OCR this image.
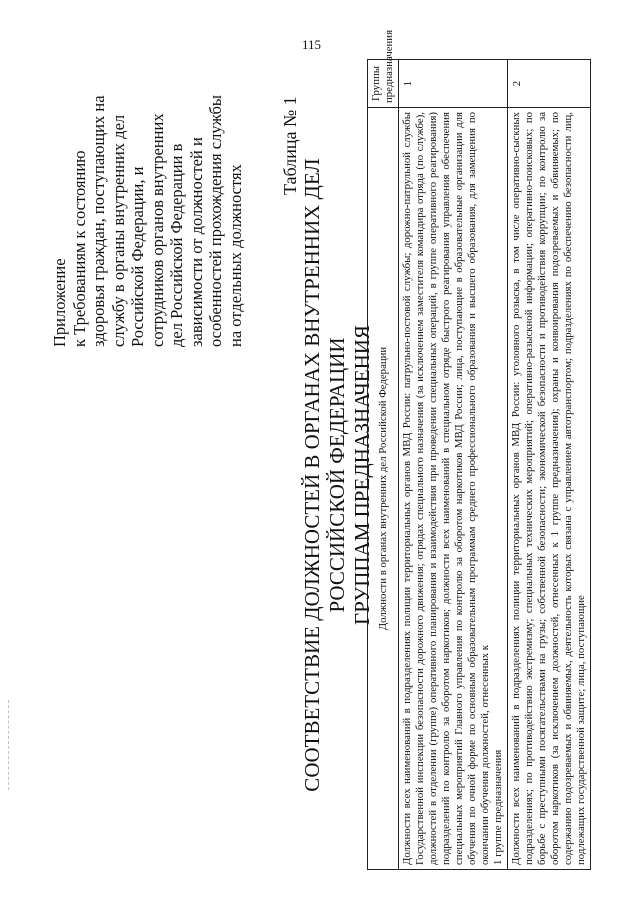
115
Приложение к Требованиям к состоянию здоровья граждан, поступающих на службу в органы внутренних дел Российской Федерации, и сотрудников органов внутренних дел Российской Федерации в зависимости от должностей и особенностей прохождения службы на отдельных должностях
Таблица № 1
СООТВЕТСТВИЕ ДОЛЖНОСТЕЙ В ОРГАНАХ ВНУТРЕННИХ ДЕЛ РОССИЙСКОЙ ФЕДЕРАЦИИ ГРУППАМ ПРЕДНАЗНАЧЕНИЯ Должности в органах внутренних дел Российской Федерации	Группы предназначения
Должности всех наименований в подразделениях полиции территориальных органов МВД России: патрульно-постовой службы; дорожно-патрульной службы Государственной инспекции безопасности дорожного движения; отрядах специального назначения (за исключением заместителя командира отряда (по службе), должностей в отделении (группе) оперативного планирования и взаимодействия при проведении специальных операций, в группе оперативного реагирования) подразделений по контролю за оборотом наркотиков; должности всех наименований в специальном отряде быстрого реагирования управления обеспечения специальных мероприятий Главного управления по контролю за оборотом наркотиков МВД России; лица, поступающие в образовательные организации для обучения по очной форме по основным образовательным программам среднего профессионального образования и высшего образования, для замещения по окончании обучения должностей, отнесенных к 1 группе предназначения	1
Должности всех наименований в подразделениях полиции территориальных органов МВД России: уголовного розыска, в том числе оперативно-сыскных подразделениях; по противодействию экстремизму; специальных технических мероприятий; оперативно-разыскной информации; оперативно-поисковых; по борьбе с преступными посягательствами на грузы; собственной безопасности; экономической безопасности и противодействия коррупции; по контролю за оборотом наркотиков (за исключением должностей, отнесенных к 1 группе предназначения); охраны и конвоирования подозреваемых и обвиняемых; по содержанию подозреваемых и обвиняемых, деятельность которых связана с управлением автотранспортом; подразделениях по обеспечению безопасности лиц, подлежащих государственной защите; лица, поступающие	2
